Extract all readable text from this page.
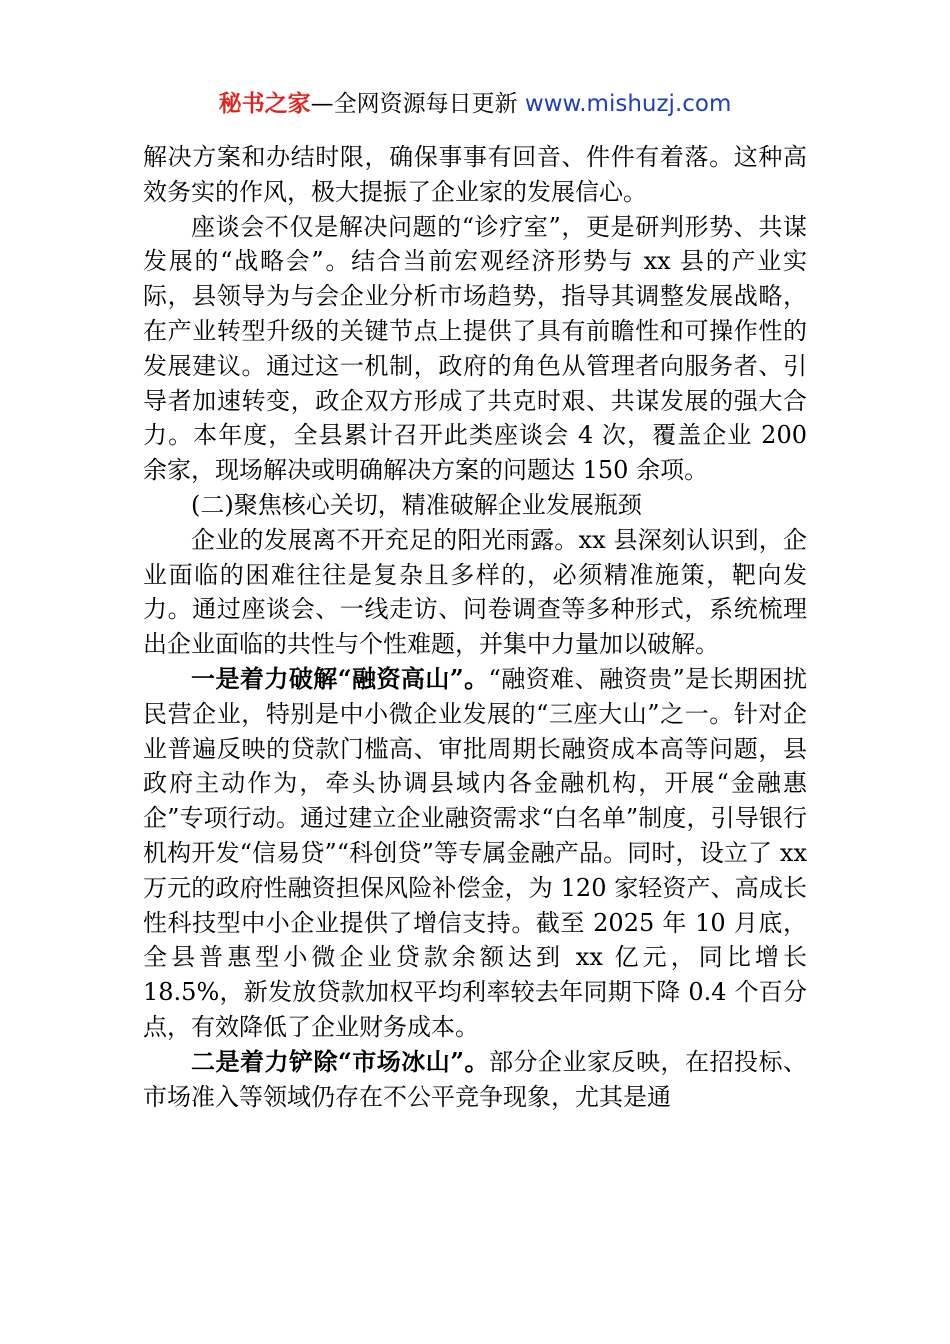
秘书之家—全网资源每日更新 www.mishuzj.com

解决方案和办结时限，确保事事有回音、件件有着落。这种高效务实的作风，极大提振了企业家的发展信心。

座谈会不仅是解决问题的“诊疗室”，更是研判形势、共谋发展的“战略会”。结合当前宏观经济形势与 xx 县的产业实际，县领导为与会企业分析市场趋势，指导其调整发展战略，在产业转型升级的关键节点上提供了具有前瞻性和可操作性的发展建议。通过这一机制，政府的角色从管理者向服务者、引导者加速转变，政企双方形成了共克时艰、共谋发展的强大合力。本年度，全县累计召开此类座谈会 4 次，覆盖企业 200 余家，现场解决或明确解决方案的问题达 150 余项。

(二)聚焦核心关切，精准破解企业发展瓶颈

企业的发展离不开充足的阳光雨露。xx 县深刻认识到，企业面临的困难往往是复杂且多样的，必须精准施策，靶向发力。通过座谈会、一线走访、问卷调查等多种形式，系统梳理出企业面临的共性与个性难题，并集中力量加以破解。

一是着力破解“融资高山”。“融资难、融资贵”是长期困扰民营企业，特别是中小微企业发展的“三座大山”之一。针对企业普遍反映的贷款门槛高、审批周期长融资成本高等问题，县政府主动作为，牵头协调县域内各金融机构，开展“金融惠企”专项行动。通过建立企业融资需求“白名单”制度，引导银行机构开发“信易贷”“科创贷”等专属金融产品。同时，设立了 xx 万元的政府性融资担保风险补偿金，为 120 家轻资产、高成长性科技型中小企业提供了增信支持。截至 2025 年 10 月底，全县普惠型小微企业贷款余额达到 xx 亿元，同比增长 18.5%，新发放贷款加权平均利率较去年同期下降 0.4 个百分点，有效降低了企业财务成本。

二是着力铲除“市场冰山”。部分企业家反映，在招投标、市场准入等领域仍存在不公平竞争现象，尤其是通
